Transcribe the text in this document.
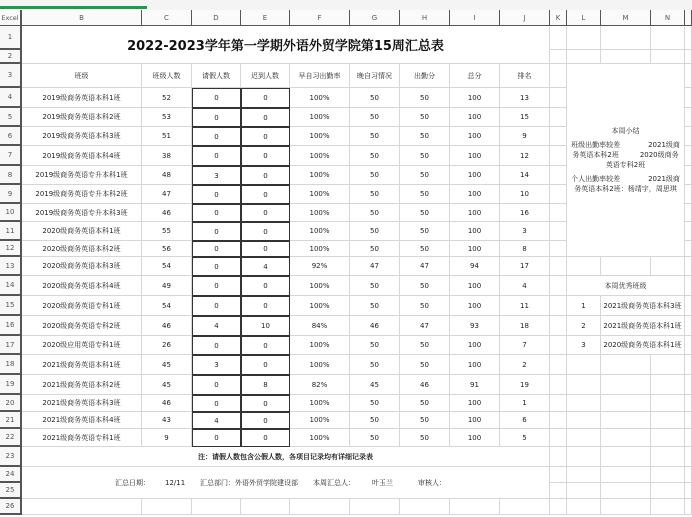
Excel	B	C	D	E	F	G	H	I	J	K	L	M	N
1
2
3
4
5
6
7
8
9
10
11
12
13
14
15
16
17
18
19
20
21
22
23
24
25
26
2022-2023学年第一学期外语外贸学院第15周汇总表
班级	班级人数	请假人数	迟到人数	早自习出勤率	晚自习情况	出勤分	总分	排名
2019级商务英语本科1班	52	0	0	100%	50	50	100	13
2019级商务英语本科2班	53	0	0	100%	50	50	100	15
2019级商务英语本科3班	51	0	0	100%	50	50	100	9
2019级商务英语本科4班	38	0	0	100%	50	50	100	12
2019级商务英语专升本科1班	48	3	0	100%	50	50	100	14
2019级商务英语专升本科2班	47	0	0	100%	50	50	100	10
2019级商务英语专升本科3班	46	0	0	100%	50	50	100	16
2020级商务英语本科1班	55	0	0	100%	50	50	100	3
2020级商务英语本科2班	56	0	0	100%	50	50	100	8
2020级商务英语本科3班	54	0	4	92%	47	47	94	17
2020级商务英语本科4班	49	0	0	100%	50	50	100	4
2020级商务英语专科1班	54	0	0	100%	50	50	100	11
2020级商务英语专科2班	46	4	10	84%	46	47	93	18
2020级应用英语专科1班	26	0	0	100%	50	50	100	7
2021级商务英语本科1班	45	3	0	100%	50	50	100	2
2021级商务英语本科2班	45	0	8	82%	45	46	91	19
2021级商务英语本科3班	46	0	0	100%	50	50	100	1
2021级商务英语本科4班	43	4	0	100%	50	50	100	6
2021级商务英语专科1班	9	0	0	100%	50	50	100	5
注：请假人数包含公假人数，各项目记录均有详细记录表
汇总日期： 12/11 汇总部门：外语外贸学院建设部 本周汇总人： 叶玉兰	审核人：
本周小结
班级出勤率较差　　　　2021级商务英语本科2班　　　2020级商务英语专科2班
个人出勤率较差　　　　2021级商务英语本科2班：杨靖宇，周思琪
本周优秀班级
1	2021级商务英语本科3班
2	2021级商务英语本科1班
3	2020级商务英语本科1班
